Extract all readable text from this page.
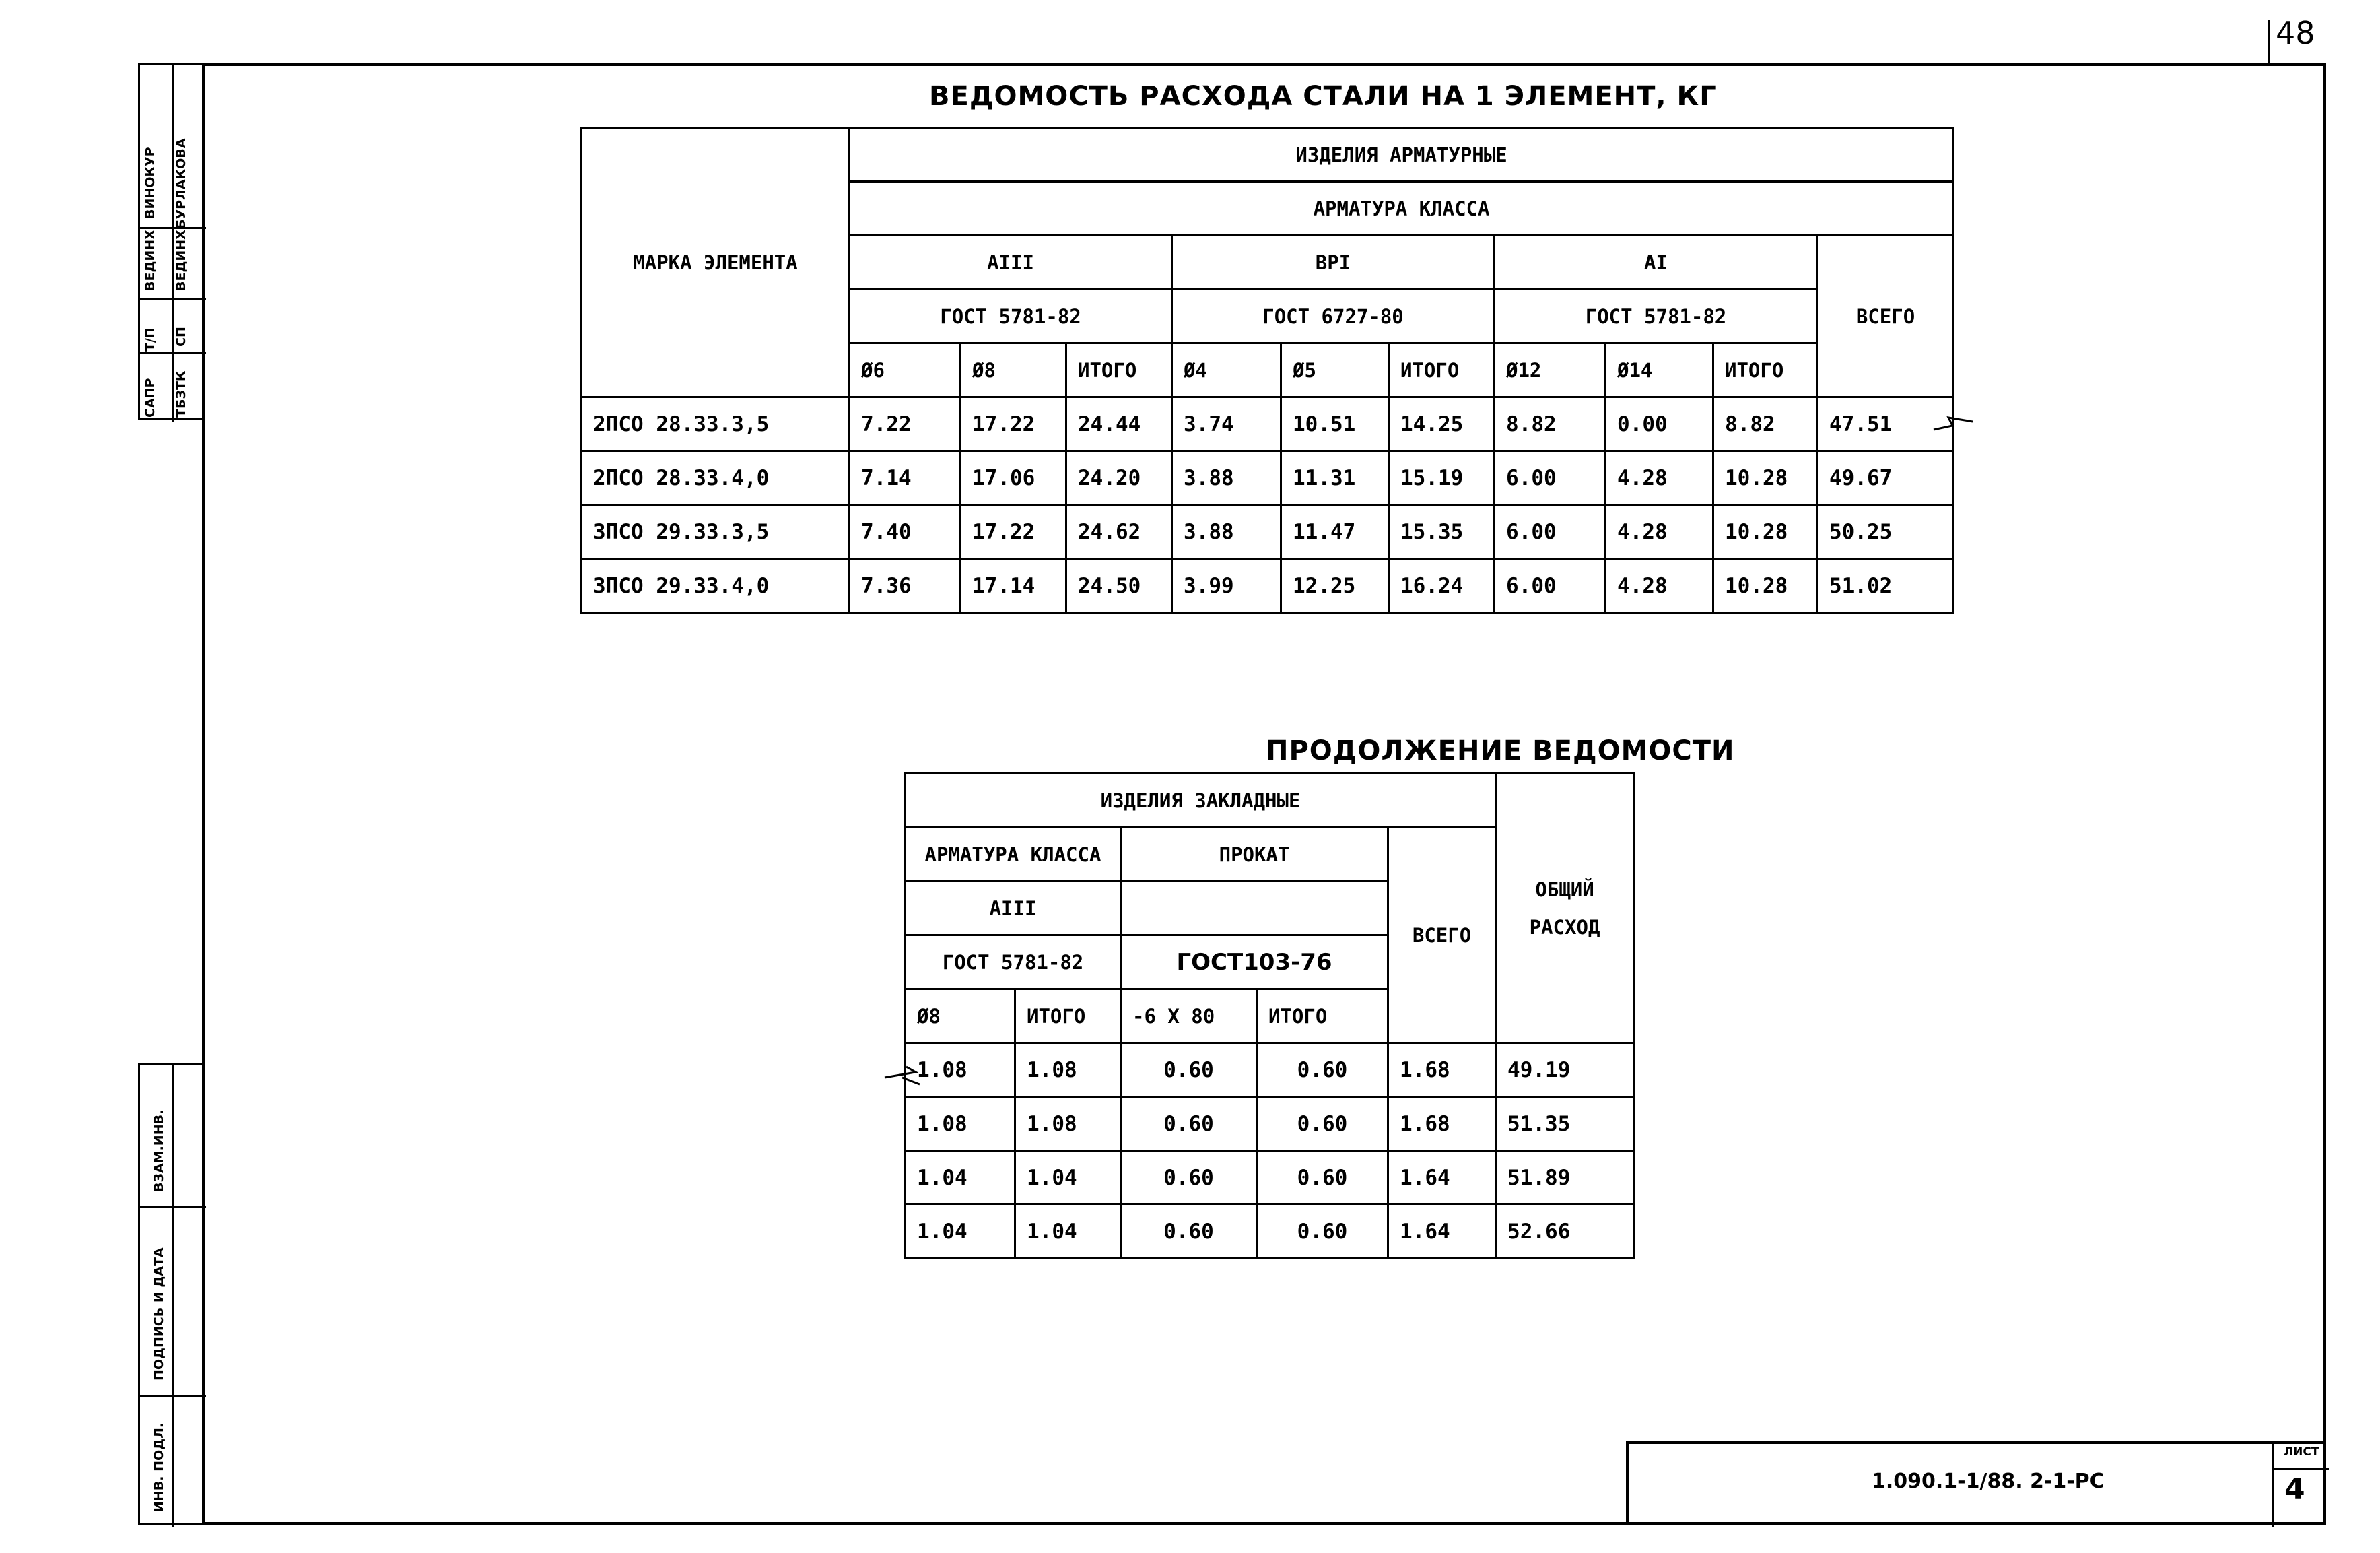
48
САПР
Т/П
ВЕДИНХ
ВИНОКУР
ТБЗТК
СП
ВЕДИНХ
БУРЛАКОВА
ВЗАМ.ИНВ.
ПОДПИСЬ И ДАТА
ИНВ. ПОДЛ.
ВЕДОМОСТЬ РАСХОДА СТАЛИ НА 1 ЭЛЕМЕНТ, КГ
МАРКА ЭЛЕМЕНТА	ИЗДЕЛИЯ АРМАТУРНЫЕ									
	АРМАТУРА КЛАССА									
	АIII			ВРI			АI			ВСЕГО
	ГОСТ 5781-82			ГОСТ 6727-80			ГОСТ 5781-82			
	Ø6	Ø8	ИТОГО	Ø4	Ø5	ИТОГО	Ø12	Ø14	ИТОГО	
2ПСО 28.33.3,5	7.22	17.22	24.44	3.74	10.51	14.25	8.82	0.00	8.82	47.51
2ПСО 28.33.4,0	7.14	17.06	24.20	3.88	11.31	15.19	6.00	4.28	10.28	49.67
3ПСО 29.33.3,5	7.40	17.22	24.62	3.88	11.47	15.35	6.00	4.28	10.28	50.25
3ПСО 29.33.4,0	7.36	17.14	24.50	3.99	12.25	16.24	6.00	4.28	10.28	51.02
ПРОДОЛЖЕНИЕ ВЕДОМОСТИ
ИЗДЕЛИЯ ЗАКЛАДНЫЕ					ОБЩИЙ
РАСХОД
АРМАТУРА КЛАССА		ПРОКАТ		ВСЕГО	
АIII					
ГОСТ 5781-82		ГОСТ103-76			
Ø8	ИТОГО	-6 Х 80	ИТОГО		
1.08	1.08	0.60	0.60	1.68	49.19
1.08	1.08	0.60	0.60	1.68	51.35
1.04	1.04	0.60	0.60	1.64	51.89
1.04	1.04	0.60	0.60	1.64	52.66
1.090.1-1/88. 2-1-РС
ЛИСТ
4
